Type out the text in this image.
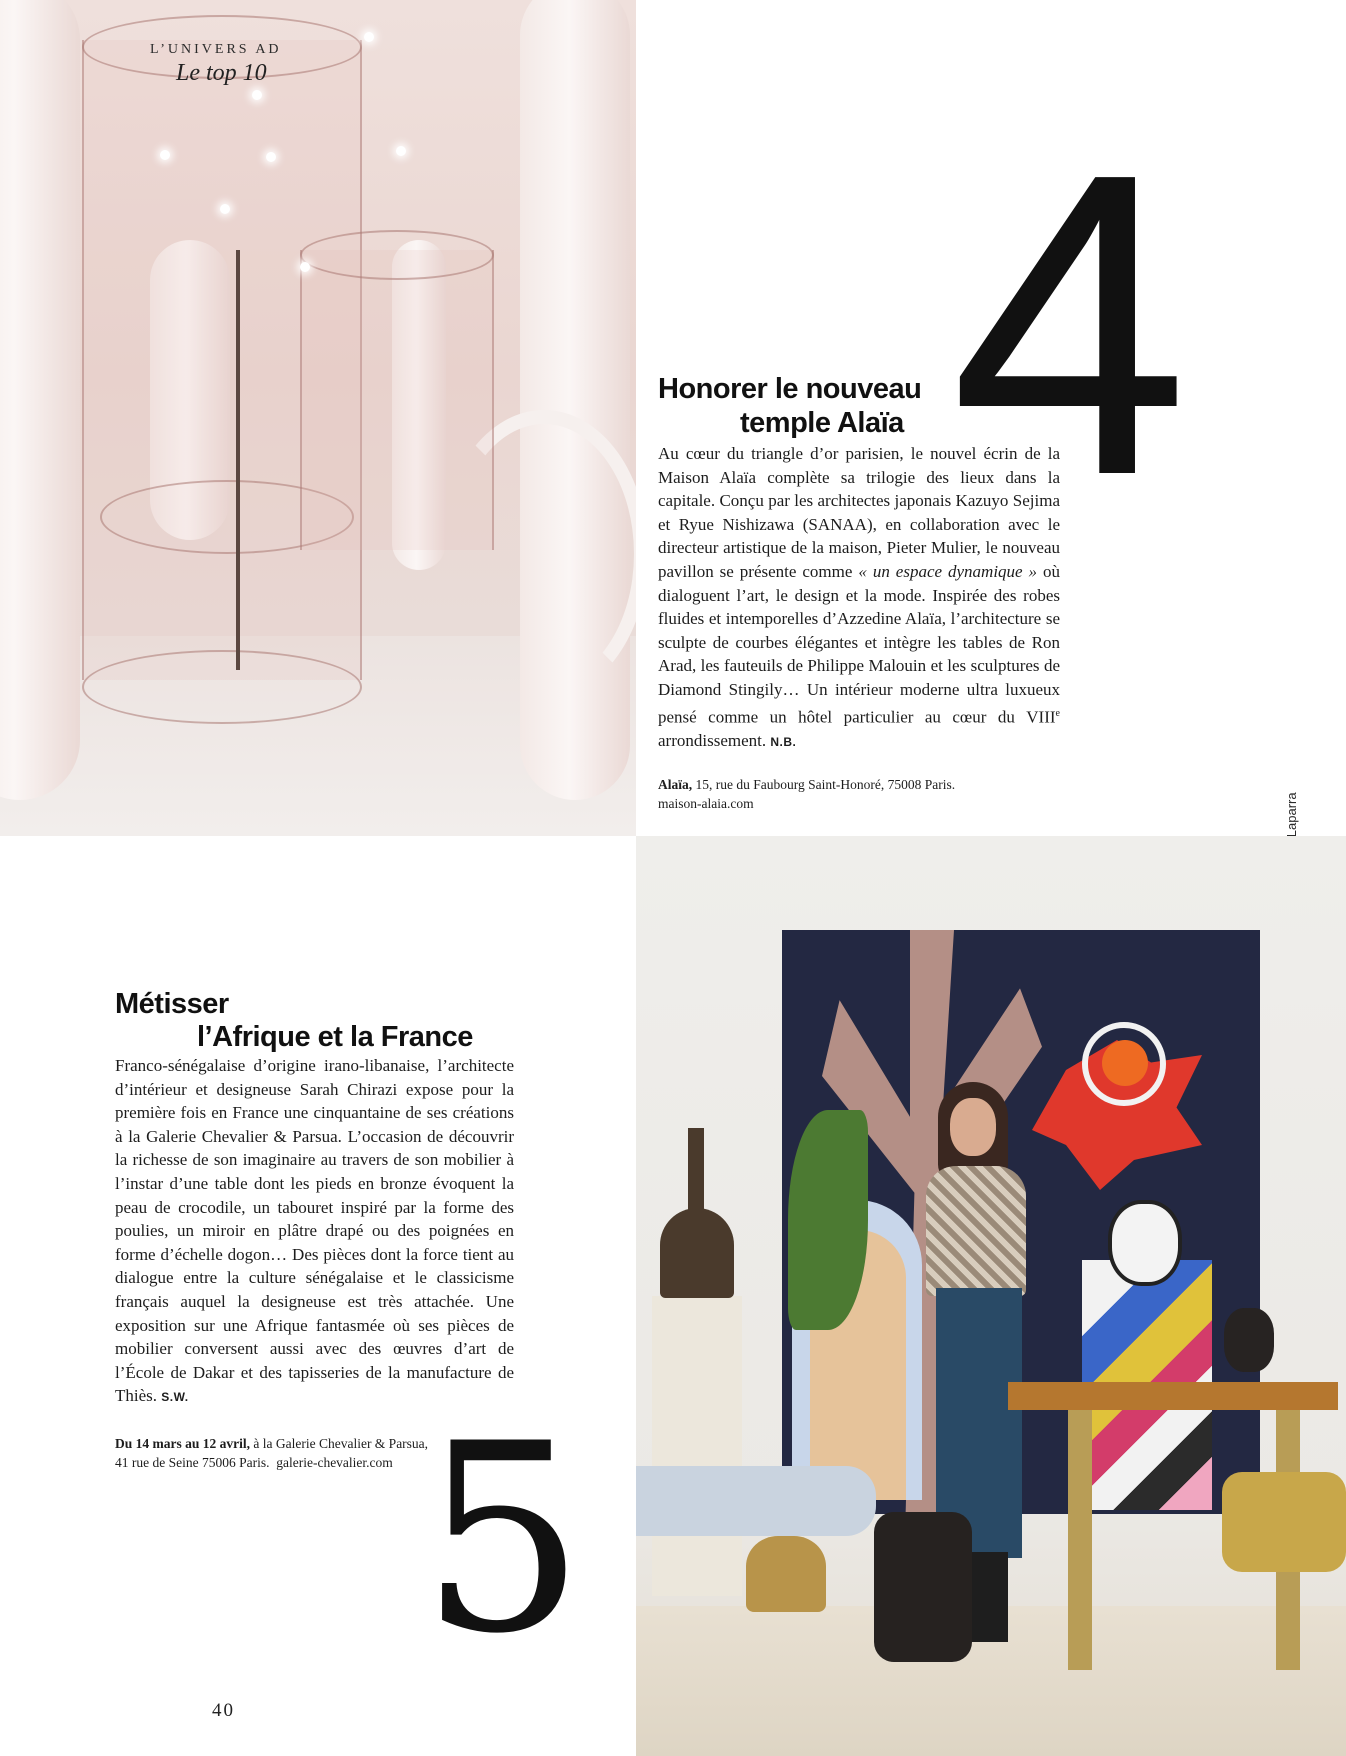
L’UNIVERS AD
Le top 10
4
Honorer le nouveau
temple Alaïa
Au cœur du triangle d’or parisien, le nouvel écrin de la Maison Alaïa complète sa trilogie des lieux dans la capitale. Conçu par les architectes japonais Kazuyo Sejima et Ryue Nishizawa (SANAA), en collaboration avec le directeur artistique de la maison, Pieter Mulier, le nouveau pavillon se présente comme « un espace dynamique » où dialoguent l’art, le design et la mode. Inspirée des robes fluides et intemporelles d’Azzedine Alaïa, l’architecture se sculpte de courbes élégantes et intègre les tables de Ron Arad, les fauteuils de Philippe Malouin et les sculptures de Diamond Stingily… Un intérieur moderne ultra luxueux pensé comme un hôtel particulier au cœur du VIIIe arrondissement. N.B.
Alaïa, 15, rue du Faubourg Saint-Honoré, 75008 Paris.
maison-alaia.com
Métisser
l’Afrique et la France
Franco-sénégalaise d’origine irano-libanaise, l’architecte d’intérieur et designeuse Sarah Chirazi expose pour la première fois en France une cinquantaine de ses créations à la Galerie Chevalier & Parsua. L’occasion de découvrir la richesse de son imaginaire au travers de son mobilier à l’instar d’une table dont les pieds en bronze évoquent la peau de crocodile, un tabouret inspiré par la forme des poulies, un miroir en plâtre drapé ou des poignées en forme d’échelle dogon… Des pièces dont la force tient au dialogue entre la culture sénégalaise et le classicisme français auquel la designeuse est très attachée. Une exposition sur une Afrique fantasmée où ses pièces de mobilier conversent aussi avec des œuvres d’art de l’École de Dakar et des tapisseries de la manufacture de Thiès. S.W.
Du 14 mars au 12 avril, à la Galerie Chevalier & Parsua,
41 rue de Seine 75006 Paris. galerie-chevalier.com 5
40
